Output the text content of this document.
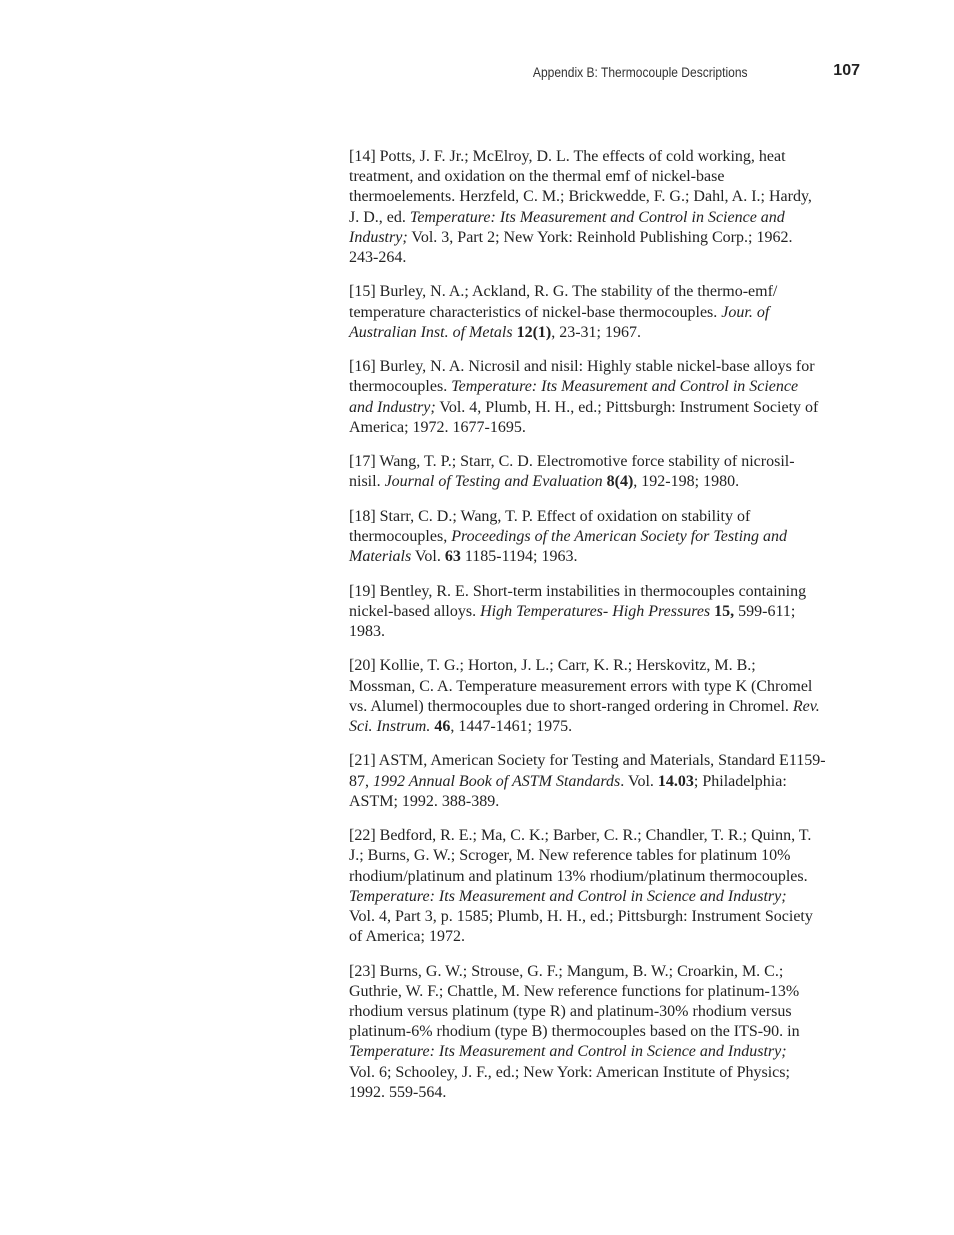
Appendix B: Thermocouple Descriptions	107
[14] Potts, J. F. Jr.; McElroy, D. L. The effects of cold working, heat
treatment, and oxidation on the thermal emf of nickel-base
thermoelements. Herzfeld, C. M.; Brickwedde, F. G.; Dahl, A. I.; Hardy,
J. D., ed. Temperature: Its Measurement and Control in Science and
Industry; Vol. 3, Part 2; New York: Reinhold Publishing Corp.; 1962.
243-264.
[15] Burley, N. A.; Ackland, R. G. The stability of the thermo-emf/
temperature characteristics of nickel-base thermocouples. Jour. of
Australian Inst. of Metals 12(1), 23-31; 1967.
[16] Burley, N. A. Nicrosil and nisil: Highly stable nickel-base alloys for
thermocouples. Temperature: Its Measurement and Control in Science
and Industry; Vol. 4, Plumb, H. H., ed.; Pittsburgh: Instrument Society of
America; 1972. 1677-1695.
[17] Wang, T. P.; Starr, C. D. Electromotive force stability of nicrosil-
nisil. Journal of Testing and Evaluation 8(4), 192-198; 1980.
[18] Starr, C. D.; Wang, T. P. Effect of oxidation on stability of
thermocouples, Proceedings of the American Society for Testing and
Materials Vol. 63 1185-1194; 1963.
[19] Bentley, R. E. Short-term instabilities in thermocouples containing
nickel-based alloys. High Temperatures- High Pressures 15, 599-611;
1983.
[20] Kollie, T. G.; Horton, J. L.; Carr, K. R.; Herskovitz, M. B.;
Mossman, C. A. Temperature measurement errors with type K (Chromel
vs. Alumel) thermocouples due to short-ranged ordering in Chromel. Rev.
Sci. Instrum. 46, 1447-1461; 1975.
[21] ASTM, American Society for Testing and Materials, Standard E1159-
87, 1992 Annual Book of ASTM Standards. Vol. 14.03; Philadelphia:
ASTM; 1992. 388-389.
[22] Bedford, R. E.; Ma, C. K.; Barber, C. R.; Chandler, T. R.; Quinn, T.
J.; Burns, G. W.; Scroger, M. New reference tables for platinum 10%
rhodium/platinum and platinum 13% rhodium/platinum thermocouples.
Temperature: Its Measurement and Control in Science and Industry;
Vol. 4, Part 3, p. 1585; Plumb, H. H., ed.; Pittsburgh: Instrument Society
of America; 1972.
[23] Burns, G. W.; Strouse, G. F.; Mangum, B. W.; Croarkin, M. C.;
Guthrie, W. F.; Chattle, M. New reference functions for platinum-13%
rhodium versus platinum (type R) and platinum-30% rhodium versus
platinum-6% rhodium (type B) thermocouples based on the ITS-90. in
Temperature: Its Measurement and Control in Science and Industry;
Vol. 6; Schooley, J. F., ed.; New York: American Institute of Physics;
1992. 559-564.
